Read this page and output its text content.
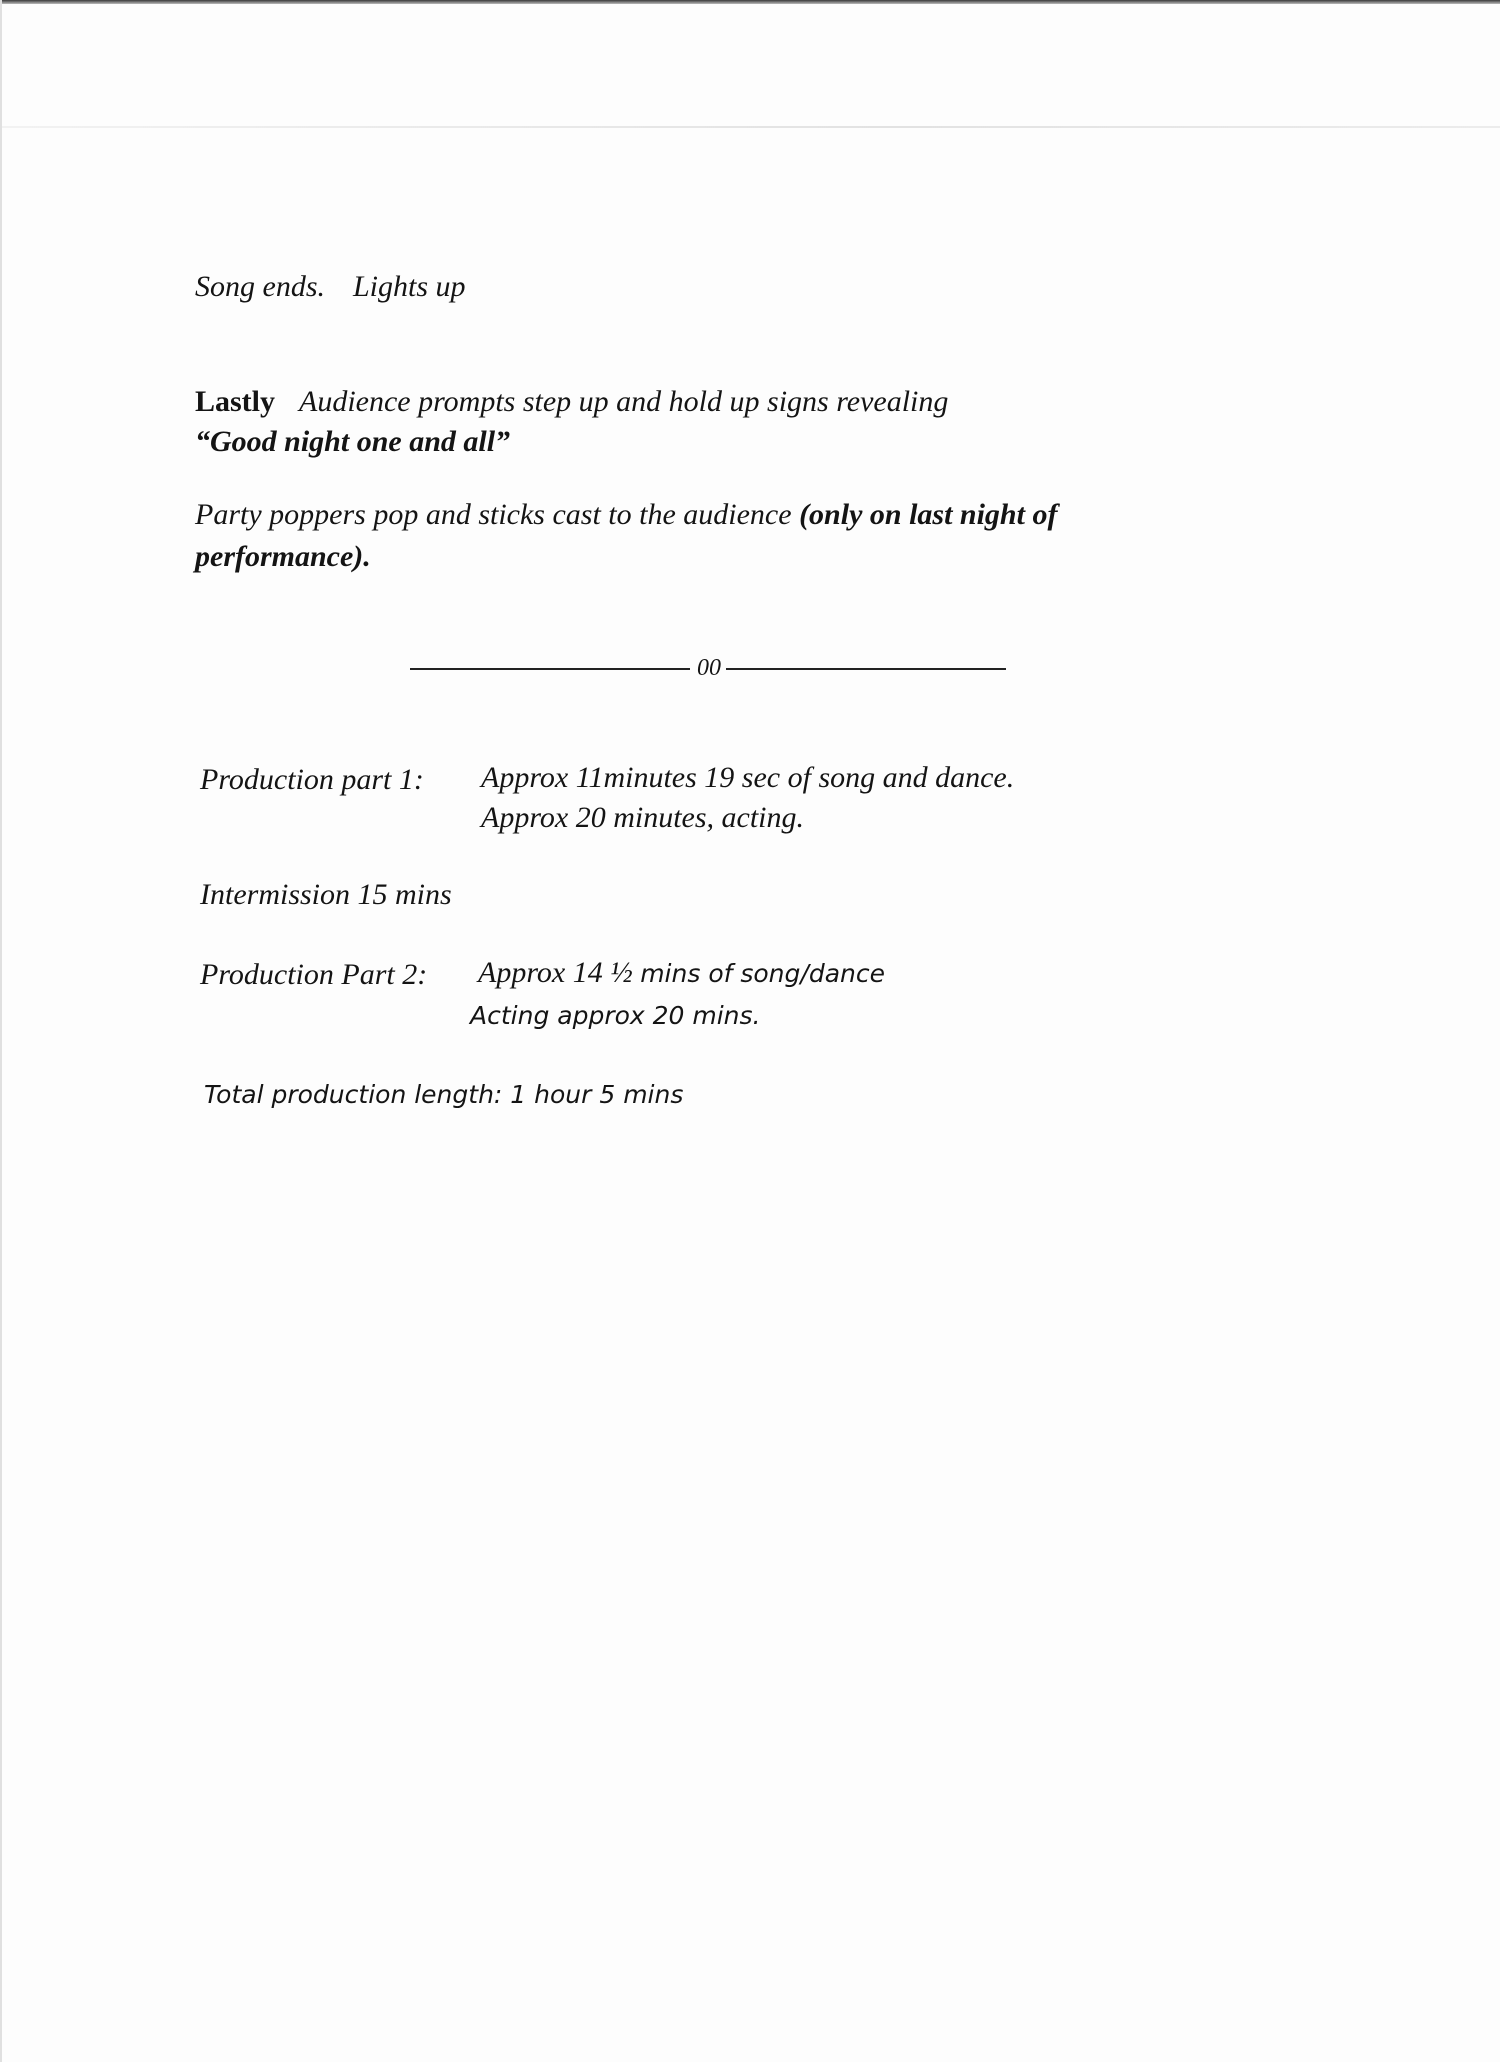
Song ends. Lights up
Lastly Audience prompts step up and hold up signs revealing
“Good night one and all”
Party poppers pop and sticks cast to the audience (only on last night of
performance).
00
Production part 1: Approx 11minutes 19 sec of song and dance.
Approx 20 minutes, acting.
Intermission 15 mins
Production Part 2: Approx 14 ½ mins of song/dance
Acting approx 20 mins.
Total production length: 1 hour 5 mins
